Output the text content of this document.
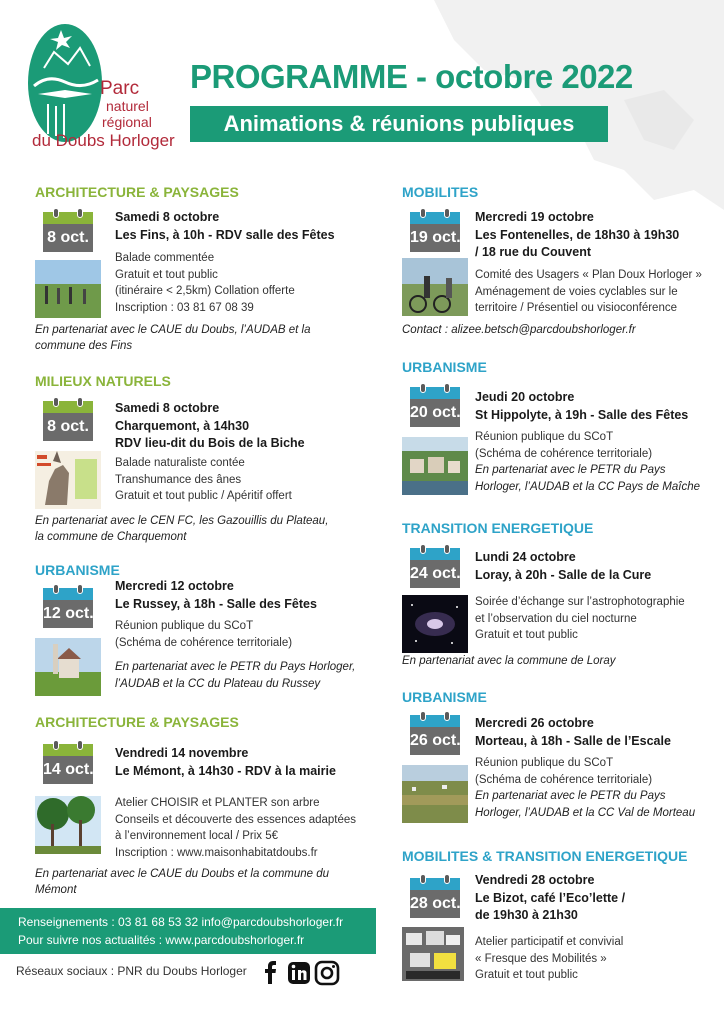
Parc
naturel
régional
du Doubs Horloger
PROGRAMME - octobre 2022
Animations & réunions publiques
ARCHITECTURE & PAYSAGES
8 oct.
Samedi 8 octobre
Les Fins, à 10h - RDV salle des Fêtes
Balade commentée
Gratuit et tout public
(itinéraire < 2,5km) Collation offerte
Inscription : 03 81 67 08 39
En partenariat avec le CAUE du Doubs, l’AUDAB et la
commune des Fins
MILIEUX NATURELS
8 oct.
Samedi 8 octobre
Charquemont, à 14h30
RDV lieu-dit du Bois de la Biche
Balade naturaliste contée
Transhumance des ânes
Gratuit et tout public / Apéritif offert
En partenariat avec le CEN FC, les Gazouillis du Plateau,
la commune de Charquemont
URBANISME
12 oct.
Mercredi 12 octobre
Le Russey, à 18h - Salle des Fêtes
Réunion publique du SCoT
(Schéma de cohérence territoriale)
En partenariat avec le PETR du Pays Horloger,
l’AUDAB et la CC du Plateau du Russey
ARCHITECTURE & PAYSAGES
14 oct.
Vendredi 14 novembre
Le Mémont, à 14h30 - RDV à la mairie
Atelier CHOISIR et PLANTER son arbre
Conseils et découverte des essences adaptées
à l’environnement local / Prix 5€
Inscription : www.maisonhabitatdoubs.fr
En partenariat avec le CAUE du Doubs et la commune du
Mémont
MOBILITES
19 oct.
Mercredi 19 octobre
Les Fontenelles, de 18h30 à 19h30
/ 18 rue du Couvent
Comité des Usagers « Plan Doux Horloger »
Aménagement de voies cyclables sur le
territoire / Présentiel ou visioconférence
Contact : alizee.betsch@parcdoubshorloger.fr
URBANISME
20 oct.
Jeudi 20 octobre
St Hippolyte, à 19h - Salle des Fêtes
Réunion publique du SCoT
(Schéma de cohérence territoriale)
En partenariat avec le PETR du Pays
Horloger, l’AUDAB et la CC Pays de Maîche
TRANSITION ENERGETIQUE
24 oct.
Lundi 24 octobre
Loray, à 20h - Salle de la Cure
Soirée d’échange sur l’astrophotographie
et l’observation du ciel nocturne
Gratuit et tout public
En partenariat avec la commune de Loray
URBANISME
26 oct.
Mercredi 26 octobre
Morteau, à 18h - Salle de l’Escale
Réunion publique du SCoT
(Schéma de cohérence territoriale)
En partenariat avec le PETR du Pays
Horloger, l’AUDAB et la CC Val de Morteau
MOBILITES & TRANSITION ENERGETIQUE
28 oct.
Vendredi 28 octobre
Le Bizot, café l’Eco’lette /
de 19h30 à 21h30
Atelier participatif et convivial
« Fresque des Mobilités »
Gratuit et tout public
Renseignements : 03 81 68 53 32 info@parcdoubshorloger.fr
Pour suivre nos actualités : www.parcdoubshorloger.fr
Réseaux sociaux : PNR du Doubs Horloger
